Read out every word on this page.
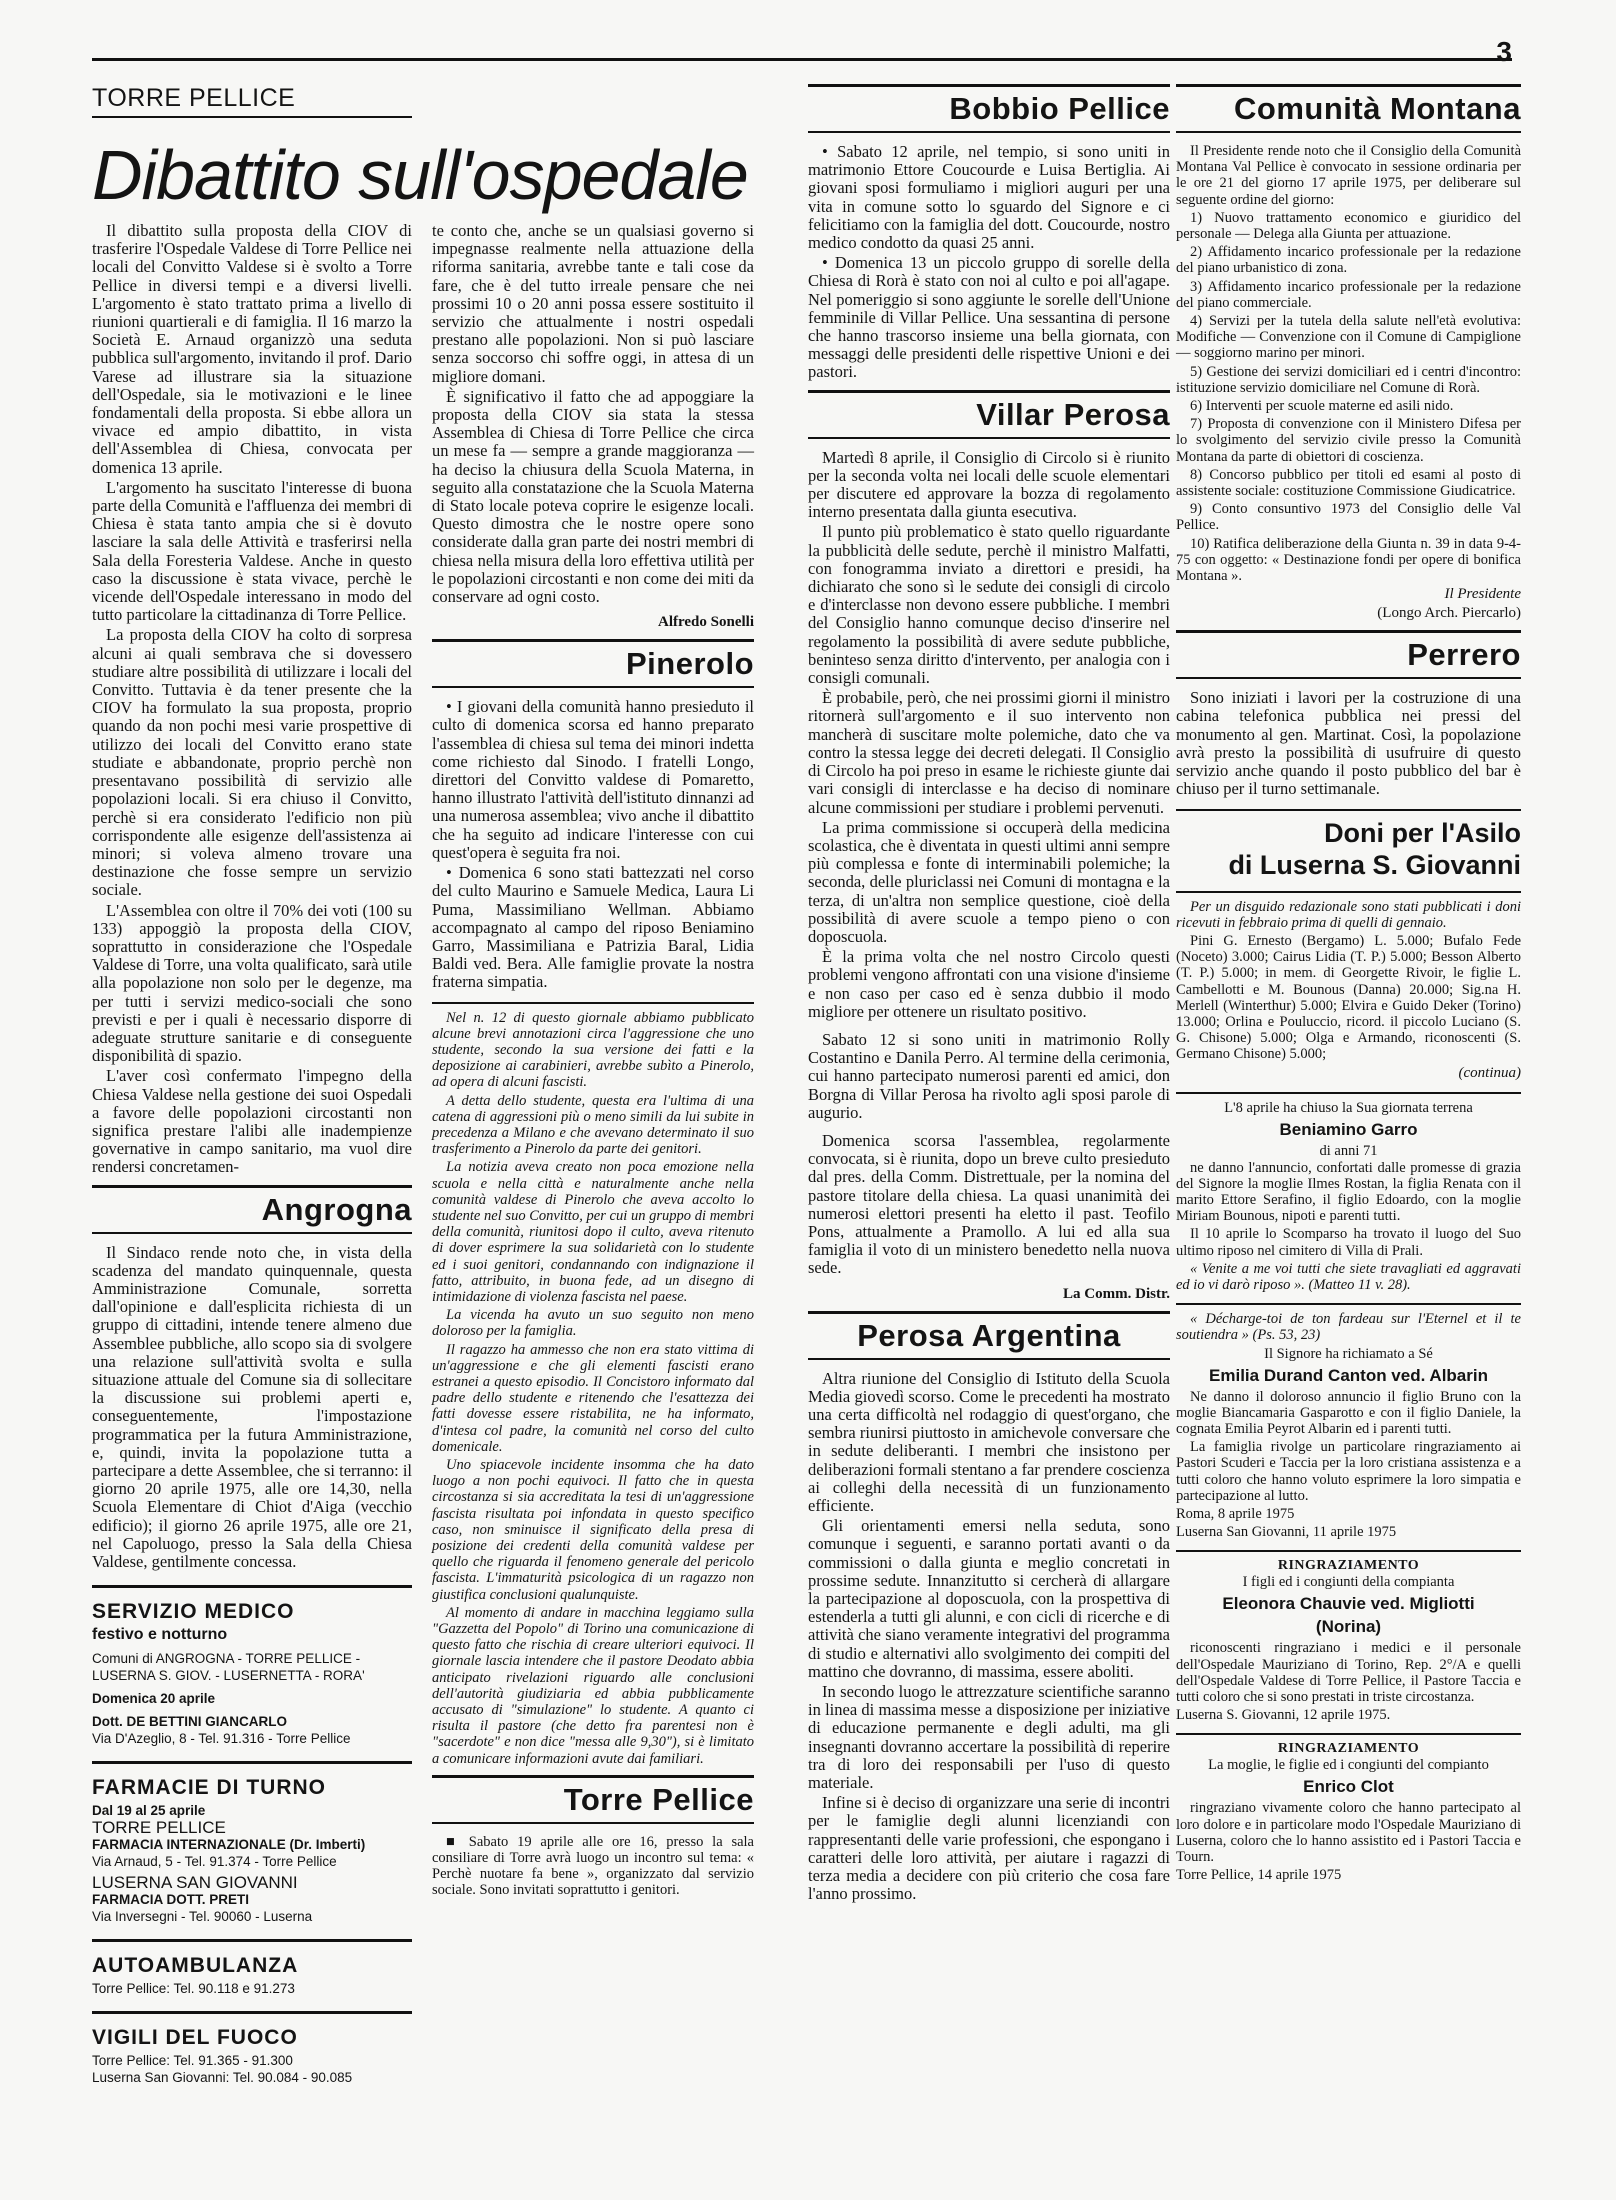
3
TORRE PELLICE
Dibattito sull'ospedale

Il dibattito sulla proposta della CIOV di trasferire l'Ospedale Valdese di Torre Pellice nei locali del Convitto Valdese si è svolto a Torre Pellice in diversi tempi e a diversi livelli. L'argomento è stato trattato prima a livello di riunioni quartierali e di famiglia. Il 16 marzo la Società E. Arnaud organizzò una seduta pubblica sull'argomento, invitando il prof. Dario Varese ad illustrare sia la situazione dell'Ospedale, sia le motivazioni e le linee fondamentali della proposta. Si ebbe allora un vivace ed ampio dibattito, in vista dell'Assemblea di Chiesa, convocata per domenica 13 aprile.

L'argomento ha suscitato l'interesse di buona parte della Comunità e l'affluenza dei membri di Chiesa è stata tanto ampia che si è dovuto lasciare la sala delle Attività e trasferirsi nella Sala della Foresteria Valdese. Anche in questo caso la discussione è stata vivace, perchè le vicende dell'Ospedale interessano in modo del tutto particolare la cittadinanza di Torre Pellice.

La proposta della CIOV ha colto di sorpresa alcuni ai quali sembrava che si dovessero studiare altre possibilità di utilizzare i locali del Convitto. Tuttavia è da tener presente che la CIOV ha formulato la sua proposta, proprio quando da non pochi mesi varie prospettive di utilizzo dei locali del Convitto erano state studiate e abbandonate, proprio perchè non presentavano possibilità di servizio alle popolazioni locali. Si era chiuso il Convitto, perchè si era considerato l'edificio non più corrispondente alle esigenze dell'assistenza ai minori; si voleva almeno trovare una destinazione che fosse sempre un servizio sociale.

L'Assemblea con oltre il 70% dei voti (100 su 133) appoggiò la proposta della CIOV, soprattutto in considerazione che l'Ospedale Valdese di Torre, una volta qualificato, sarà utile alla popolazione non solo per le degenze, ma per tutti i servizi medico-sociali che sono previsti e per i quali è necessario disporre di adeguate strutture sanitarie e di conseguente disponibilità di spazio.

L'aver così confermato l'impegno della Chiesa Valdese nella gestione dei suoi Ospedali a favore delle popolazioni circostanti non significa prestare l'alibi alle inadempienze governative in campo sanitario, ma vuol dire rendersi concretamen-

Angrogna

Il Sindaco rende noto che, in vista della scadenza del mandato quinquennale, questa Amministrazione Comunale, sorretta dall'opinione e dall'esplicita richiesta di un gruppo di cittadini, intende tenere almeno due Assemblee pubbliche, allo scopo sia di svolgere una relazione sull'attività svolta e sulla situazione attuale del Comune sia di sollecitare la discussione sui problemi aperti e, conseguentemente, l'impostazione programmatica per la futura Amministrazione, e, quindi, invita la popolazione tutta a partecipare a dette Assemblee, che si terranno: il giorno 20 aprile 1975, alle ore 14,30, nella Scuola Elementare di Chiot d'Aiga (vecchio edificio); il giorno 26 aprile 1975, alle ore 21, nel Capoluogo, presso la Sala della Chiesa Valdese, gentilmente concessa.

SERVIZIO MEDICO
festivo e notturno
Comuni di ANGROGNA - TORRE PELLICE - LUSERNA S. GIOV. - LUSERNETTA - RORA'
Domenica 20 aprile
Dott. DE BETTINI GIANCARLO
Via D'Azeglio, 8 - Tel. 91.316 - Torre Pellice
FARMACIE DI TURNO
Dal 19 al 25 aprile
TORRE PELLICE
FARMACIA INTERNAZIONALE (Dr. Imberti)
Via Arnaud, 5 - Tel. 91.374 - Torre Pellice
LUSERNA SAN GIOVANNI
FARMACIA DOTT. PRETI
Via Inversegni - Tel. 90060 - Luserna
AUTOAMBULANZA
Torre Pellice: Tel. 90.118 e 91.273
VIGILI DEL FUOCO
Torre Pellice: Tel. 91.365 - 91.300
Luserna San Giovanni: Tel. 90.084 - 90.085

te conto che, anche se un qualsiasi governo si impegnasse realmente nella attuazione della riforma sanitaria, avrebbe tante e tali cose da fare, che è del tutto irreale pensare che nei prossimi 10 o 20 anni possa essere sostituito il servizio che attualmente i nostri ospedali prestano alle popolazioni. Non si può lasciare senza soccorso chi soffre oggi, in attesa di un migliore domani.

È significativo il fatto che ad appoggiare la proposta della CIOV sia stata la stessa Assemblea di Chiesa di Torre Pellice che circa un mese fa — sempre a grande maggioranza — ha deciso la chiusura della Scuola Materna, in seguito alla constatazione che la Scuola Materna di Stato locale poteva coprire le esigenze locali. Questo dimostra che le nostre opere sono considerate dalla gran parte dei nostri membri di chiesa nella misura della loro effettiva utilità per le popolazioni circostanti e non come dei miti da conservare ad ogni costo.

Alfredo Sonelli
Pinerolo

• I giovani della comunità hanno presieduto il culto di domenica scorsa ed hanno preparato l'assemblea di chiesa sul tema dei minori indetta come richiesto dal Sinodo. I fratelli Longo, direttori del Convitto valdese di Pomaretto, hanno illustrato l'attività dell'istituto dinnanzi ad una numerosa assemblea; vivo anche il dibattito che ha seguito ad indicare l'interesse con cui quest'opera è seguita fra noi.

• Domenica 6 sono stati battezzati nel corso del culto Maurino e Samuele Medica, Laura Li Puma, Massimiliano Wellman. Abbiamo accompagnato al campo del riposo Beniamino Garro, Massimiliana e Patrizia Baral, Lidia Baldi ved. Bera. Alle famiglie provate la nostra fraterna simpatia.

Nel n. 12 di questo giornale abbiamo pubblicato alcune brevi annotazioni circa l'aggressione che uno studente, secondo la sua versione dei fatti e la deposizione ai carabinieri, avrebbe subìto a Pinerolo, ad opera di alcuni fascisti.

A detta dello studente, questa era l'ultima di una catena di aggressioni più o meno simili da lui subite in precedenza a Milano e che avevano determinato il suo trasferimento a Pinerolo da parte dei genitori.

La notizia aveva creato non poca emozione nella scuola e nella città e naturalmente anche nella comunità valdese di Pinerolo che aveva accolto lo studente nel suo Convitto, per cui un gruppo di membri della comunità, riunitosi dopo il culto, aveva ritenuto di dover esprimere la sua solidarietà con lo studente ed i suoi genitori, condannando con indignazione il fatto, attribuito, in buona fede, ad un disegno di intimidazione di violenza fascista nel paese.

La vicenda ha avuto un suo seguito non meno doloroso per la famiglia.

Il ragazzo ha ammesso che non era stato vittima di un'aggressione e che gli elementi fascisti erano estranei a questo episodio. Il Concistoro informato dal padre dello studente e ritenendo che l'esattezza dei fatti dovesse essere ristabilita, ne ha informato, d'intesa col padre, la comunità nel corso del culto domenicale.

Uno spiacevole incidente insomma che ha dato luogo a non pochi equivoci. Il fatto che in questa circostanza si sia accreditata la tesi di un'aggressione fascista risultata poi infondata in questo specifico caso, non sminuisce il significato della presa di posizione dei credenti della comunità valdese per quello che riguarda il fenomeno generale del pericolo fascista. L'immaturità psicologica di un ragazzo non giustifica conclusioni qualunquiste.

Al momento di andare in macchina leggiamo sulla "Gazzetta del Popolo" di Torino una comunicazione di questo fatto che rischia di creare ulteriori equivoci. Il giornale lascia intendere che il pastore Deodato abbia anticipato rivelazioni riguardo alle conclusioni dell'autorità giudiziaria ed abbia pubblicamente accusato di "simulazione" lo studente. A quanto ci risulta il pastore (che detto fra parentesi non è "sacerdote" e non dice "messa alle 9,30"), si è limitato a comunicare informazioni avute dai familiari.

Torre Pellice

■ Sabato 19 aprile alle ore 16, presso la sala consiliare di Torre avrà luogo un incontro sul tema: « Perchè nuotare fa bene », organizzato dal servizio sociale. Sono invitati soprattutto i genitori.

Bobbio Pellice

• Sabato 12 aprile, nel tempio, si sono uniti in matrimonio Ettore Coucourde e Luisa Bertiglia. Ai giovani sposi formuliamo i migliori auguri per una vita in comune sotto lo sguardo del Signore e ci felicitiamo con la famiglia del dott. Coucourde, nostro medico condotto da quasi 25 anni.

• Domenica 13 un piccolo gruppo di sorelle della Chiesa di Rorà è stato con noi al culto e poi all'agape. Nel pomeriggio si sono aggiunte le sorelle dell'Unione femminile di Villar Pellice. Una sessantina di persone che hanno trascorso insieme una bella giornata, con messaggi delle presidenti delle rispettive Unioni e dei pastori.

Villar Perosa

Martedì 8 aprile, il Consiglio di Circolo si è riunito per la seconda volta nei locali delle scuole elementari per discutere ed approvare la bozza di regolamento interno presentata dalla giunta esecutiva.

Il punto più problematico è stato quello riguardante la pubblicità delle sedute, perchè il ministro Malfatti, con fonogramma inviato a direttori e presidi, ha dichiarato che sono sì le sedute dei consigli di circolo e d'interclasse non devono essere pubbliche. I membri del Consiglio hanno comunque deciso d'inserire nel regolamento la possibilità di avere sedute pubbliche, beninteso senza diritto d'intervento, per analogia con i consigli comunali.

È probabile, però, che nei prossimi giorni il ministro ritornerà sull'argomento e il suo intervento non mancherà di suscitare molte polemiche, dato che va contro la stessa legge dei decreti delegati. Il Consiglio di Circolo ha poi preso in esame le richieste giunte dai vari consigli di interclasse e ha deciso di nominare alcune commissioni per studiare i problemi pervenuti.

La prima commissione si occuperà della medicina scolastica, che è diventata in questi ultimi anni sempre più complessa e fonte di interminabili polemiche; la seconda, delle pluriclassi nei Comuni di montagna e la terza, di un'altra non semplice questione, cioè della possibilità di avere scuole a tempo pieno o con doposcuola.

È la prima volta che nel nostro Circolo questi problemi vengono affrontati con una visione d'insieme e non caso per caso ed è senza dubbio il modo migliore per ottenere un risultato positivo.

Sabato 12 si sono uniti in matrimonio Rolly Costantino e Danila Perro. Al termine della cerimonia, cui hanno partecipato numerosi parenti ed amici, don Borgna di Villar Perosa ha rivolto agli sposi parole di augurio.

Domenica scorsa l'assemblea, regolarmente convocata, si è riunita, dopo un breve culto presieduto dal pres. della Comm. Distrettuale, per la nomina del pastore titolare della chiesa. La quasi unanimità dei numerosi elettori presenti ha eletto il past. Teofilo Pons, attualmente a Pramollo. A lui ed alla sua famiglia il voto di un ministero benedetto nella nuova sede.

La Comm. Distr.
Perosa Argentina

Altra riunione del Consiglio di Istituto della Scuola Media giovedì scorso. Come le precedenti ha mostrato una certa difficoltà nel rodaggio di quest'organo, che sembra riunirsi piuttosto in amichevole conversare che in sedute deliberanti. I membri che insistono per deliberazioni formali stentano a far prendere coscienza ai colleghi della necessità di un funzionamento efficiente.

Gli orientamenti emersi nella seduta, sono comunque i seguenti, e saranno portati avanti o da commissioni o dalla giunta e meglio concretati in prossime sedute. Innanzitutto si cercherà di allargare la partecipazione al doposcuola, con la prospettiva di estenderla a tutti gli alunni, e con cicli di ricerche e di attività che siano veramente integrativi del programma di studio e alternativi allo svolgimento dei compiti del mattino che dovranno, di massima, essere aboliti.

In secondo luogo le attrezzature scientifiche saranno in linea di massima messe a disposizione per iniziative di educazione permanente e degli adulti, ma gli insegnanti dovranno accertare la possibilità di reperire tra di loro dei responsabili per l'uso di questo materiale.

Infine si è deciso di organizzare una serie di incontri per le famiglie degli alunni licenziandi con rappresentanti delle varie professioni, che espongano i caratteri delle loro attività, per aiutare i ragazzi di terza media a decidere con più criterio che cosa fare l'anno prossimo.

Comunità Montana

Il Presidente rende noto che il Consiglio della Comunità Montana Val Pellice è convocato in sessione ordinaria per le ore 21 del giorno 17 aprile 1975, per deliberare sul seguente ordine del giorno:

1) Nuovo trattamento economico e giuridico del personale — Delega alla Giunta per attuazione.

2) Affidamento incarico professionale per la redazione del piano urbanistico di zona.

3) Affidamento incarico professionale per la redazione del piano commerciale.

4) Servizi per la tutela della salute nell'età evolutiva: Modifiche — Convenzione con il Comune di Campiglione — soggiorno marino per minori.

5) Gestione dei servizi domiciliari ed i centri d'incontro: istituzione servizio domiciliare nel Comune di Rorà.

6) Interventi per scuole materne ed asili nido.

7) Proposta di convenzione con il Ministero Difesa per lo svolgimento del servizio civile presso la Comunità Montana da parte di obiettori di coscienza.

8) Concorso pubblico per titoli ed esami al posto di assistente sociale: costituzione Commissione Giudicatrice.

9) Conto consuntivo 1973 del Consiglio delle Val Pellice.

10) Ratifica deliberazione della Giunta n. 39 in data 9-4-75 con oggetto: « Destinazione fondi per opere di bonifica Montana ».

Il Presidente
(Longo Arch. Piercarlo)
Perrero

Sono iniziati i lavori per la costruzione di una cabina telefonica pubblica nei pressi del monumento al gen. Martinat. Così, la popolazione avrà presto la possibilità di usufruire di questo servizio anche quando il posto pubblico del bar è chiuso per il turno settimanale.

Doni per l'Asilo
di Luserna S. Giovanni

Per un disguido redazionale sono stati pubblicati i doni ricevuti in febbraio prima di quelli di gennaio.

Pini G. Ernesto (Bergamo) L. 5.000; Bufalo Fede (Noceto) 3.000; Cairus Lidia (T. P.) 5.000; Besson Alberto (T. P.) 5.000; in mem. di Georgette Rivoir, le figlie L. Cambellotti e M. Bounous (Danna) 20.000; Sig.na H. Merlell (Winterthur) 5.000; Elvira e Guido Deker (Torino) 13.000; Orlina e Pouluccio, ricord. il piccolo Luciano (S. G. Chisone) 5.000; Olga e Armando, riconoscenti (S. Germano Chisone) 5.000;

(continua)
L'8 aprile ha chiuso la Sua giornata terrena
Beniamino Garro
di anni 71

ne danno l'annuncio, confortati dalle promesse di grazia del Signore la moglie Ilmes Rostan, la figlia Renata con il marito Ettore Serafino, il figlio Edoardo, con la moglie Miriam Bounous, nipoti e parenti tutti.

Il 10 aprile lo Scomparso ha trovato il luogo del Suo ultimo riposo nel cimitero di Villa di Prali.

« Venite a me voi tutti che siete travagliati ed aggravati ed io vi darò riposo ». (Matteo 11 v. 28).

« Décharge-toi de ton fardeau sur l'Eternel et il te soutiendra » (Ps. 53, 23)

Il Signore ha richiamato a Sé
Emilia Durand Canton ved. Albarin

Ne danno il doloroso annuncio il figlio Bruno con la moglie Biancamaria Gasparotto e con il figlio Daniele, la cognata Emilia Peyrot Albarin ed i parenti tutti.

La famiglia rivolge un particolare ringraziamento ai Pastori Scuderi e Taccia per la loro cristiana assistenza e a tutti coloro che hanno voluto esprimere la loro simpatia e partecipazione al lutto.

Roma, 8 aprile 1975
Luserna San Giovanni, 11 aprile 1975
RINGRAZIAMENTO
I figli ed i congiunti della compianta
Eleonora Chauvie ved. Migliotti
(Norina)

riconoscenti ringraziano i medici e il personale dell'Ospedale Mauriziano di Torino, Rep. 2°/A e quelli dell'Ospedale Valdese di Torre Pellice, il Pastore Taccia e tutti coloro che si sono prestati in triste circostanza.

Luserna S. Giovanni, 12 aprile 1975.
RINGRAZIAMENTO
La moglie, le figlie ed i congiunti del compianto
Enrico Clot

ringraziano vivamente coloro che hanno partecipato al loro dolore e in particolare modo l'Ospedale Mauriziano di Luserna, coloro che lo hanno assistito ed i Pastori Taccia e Tourn.

Torre Pellice, 14 aprile 1975
